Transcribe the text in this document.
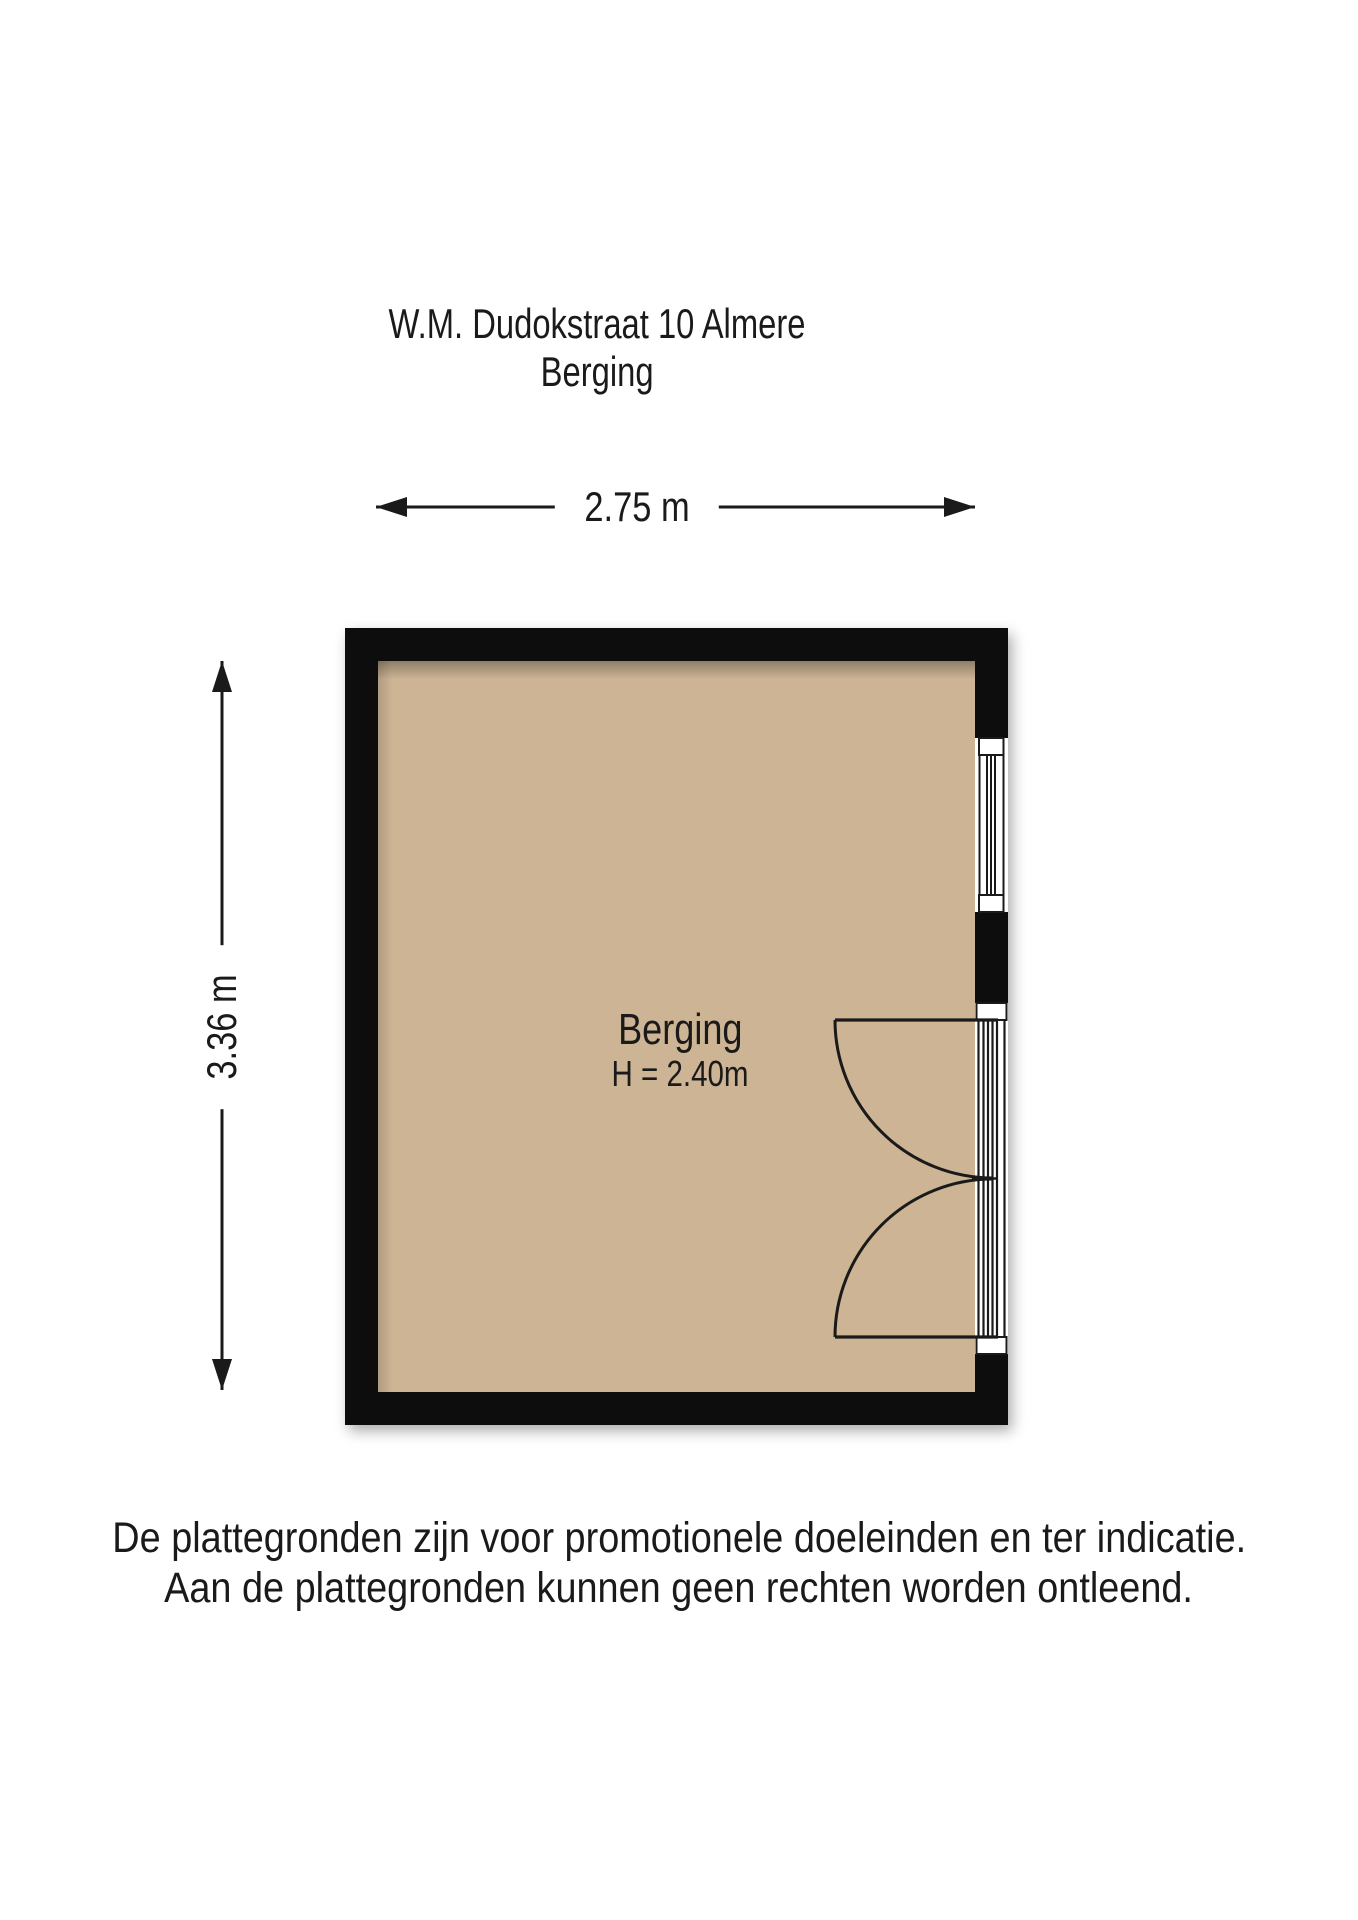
W.M. Dudokstraat 10 Almere
Berging
2.75 m
3.36 m	Berging
H = 2.40m
De plattegronden zijn voor promotionele doeleinden en ter indicatie.
Aan de plattegronden kunnen geen rechten worden ontleend.
